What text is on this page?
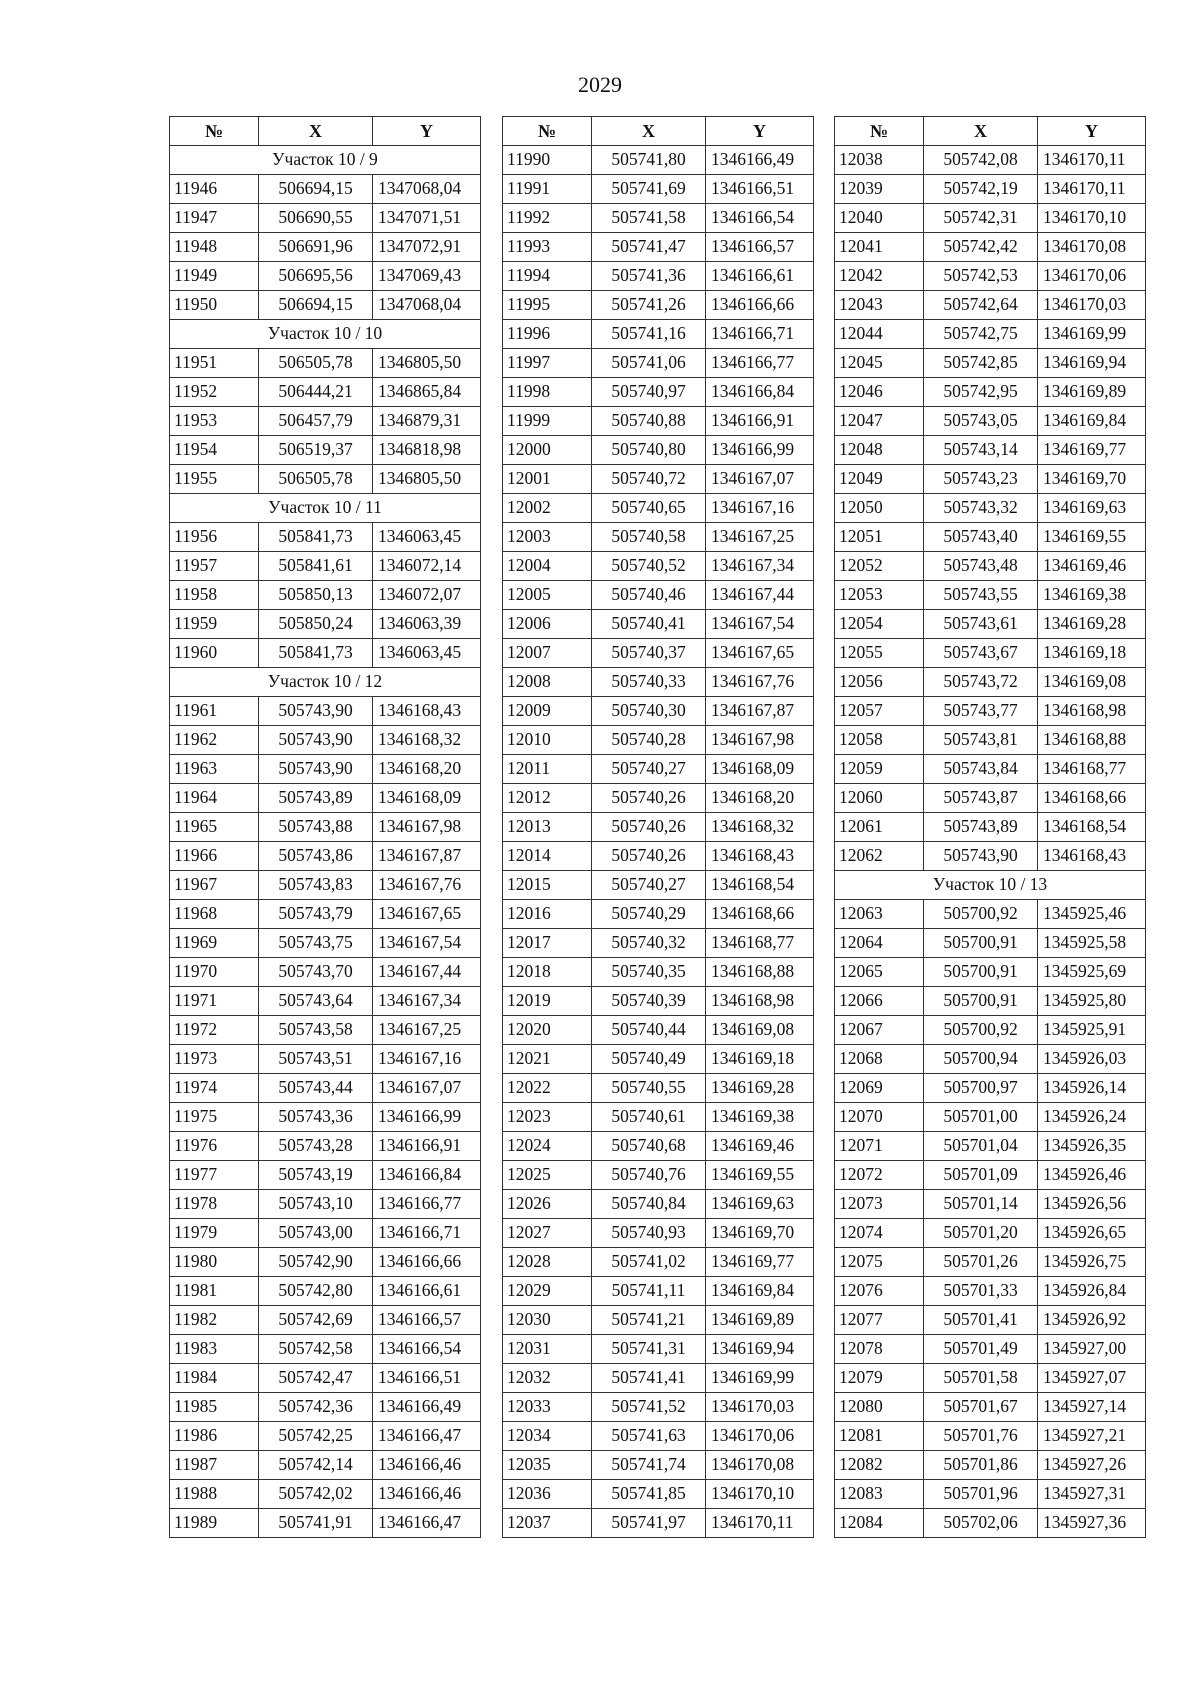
2029
№	X	Y
Участок 10 / 9		
11946	506694,15	1347068,04
11947	506690,55	1347071,51
11948	506691,96	1347072,91
11949	506695,56	1347069,43
11950	506694,15	1347068,04
Участок 10 / 10		
11951	506505,78	1346805,50
11952	506444,21	1346865,84
11953	506457,79	1346879,31
11954	506519,37	1346818,98
11955	506505,78	1346805,50
Участок 10 / 11		
11956	505841,73	1346063,45
11957	505841,61	1346072,14
11958	505850,13	1346072,07
11959	505850,24	1346063,39
11960	505841,73	1346063,45
Участок 10 / 12		
11961	505743,90	1346168,43
11962	505743,90	1346168,32
11963	505743,90	1346168,20
11964	505743,89	1346168,09
11965	505743,88	1346167,98
11966	505743,86	1346167,87
11967	505743,83	1346167,76
11968	505743,79	1346167,65
11969	505743,75	1346167,54
11970	505743,70	1346167,44
11971	505743,64	1346167,34
11972	505743,58	1346167,25
11973	505743,51	1346167,16
11974	505743,44	1346167,07
11975	505743,36	1346166,99
11976	505743,28	1346166,91
11977	505743,19	1346166,84
11978	505743,10	1346166,77
11979	505743,00	1346166,71
11980	505742,90	1346166,66
11981	505742,80	1346166,61
11982	505742,69	1346166,57
11983	505742,58	1346166,54
11984	505742,47	1346166,51
11985	505742,36	1346166,49
11986	505742,25	1346166,47
11987	505742,14	1346166,46
11988	505742,02	1346166,46
11989	505741,91	1346166,47
№	X	Y
11990	505741,80	1346166,49
11991	505741,69	1346166,51
11992	505741,58	1346166,54
11993	505741,47	1346166,57
11994	505741,36	1346166,61
11995	505741,26	1346166,66
11996	505741,16	1346166,71
11997	505741,06	1346166,77
11998	505740,97	1346166,84
11999	505740,88	1346166,91
12000	505740,80	1346166,99
12001	505740,72	1346167,07
12002	505740,65	1346167,16
12003	505740,58	1346167,25
12004	505740,52	1346167,34
12005	505740,46	1346167,44
12006	505740,41	1346167,54
12007	505740,37	1346167,65
12008	505740,33	1346167,76
12009	505740,30	1346167,87
12010	505740,28	1346167,98
12011	505740,27	1346168,09
12012	505740,26	1346168,20
12013	505740,26	1346168,32
12014	505740,26	1346168,43
12015	505740,27	1346168,54
12016	505740,29	1346168,66
12017	505740,32	1346168,77
12018	505740,35	1346168,88
12019	505740,39	1346168,98
12020	505740,44	1346169,08
12021	505740,49	1346169,18
12022	505740,55	1346169,28
12023	505740,61	1346169,38
12024	505740,68	1346169,46
12025	505740,76	1346169,55
12026	505740,84	1346169,63
12027	505740,93	1346169,70
12028	505741,02	1346169,77
12029	505741,11	1346169,84
12030	505741,21	1346169,89
12031	505741,31	1346169,94
12032	505741,41	1346169,99
12033	505741,52	1346170,03
12034	505741,63	1346170,06
12035	505741,74	1346170,08
12036	505741,85	1346170,10
12037	505741,97	1346170,11
№	X	Y
12038	505742,08	1346170,11
12039	505742,19	1346170,11
12040	505742,31	1346170,10
12041	505742,42	1346170,08
12042	505742,53	1346170,06
12043	505742,64	1346170,03
12044	505742,75	1346169,99
12045	505742,85	1346169,94
12046	505742,95	1346169,89
12047	505743,05	1346169,84
12048	505743,14	1346169,77
12049	505743,23	1346169,70
12050	505743,32	1346169,63
12051	505743,40	1346169,55
12052	505743,48	1346169,46
12053	505743,55	1346169,38
12054	505743,61	1346169,28
12055	505743,67	1346169,18
12056	505743,72	1346169,08
12057	505743,77	1346168,98
12058	505743,81	1346168,88
12059	505743,84	1346168,77
12060	505743,87	1346168,66
12061	505743,89	1346168,54
12062	505743,90	1346168,43
Участок 10 / 13		
12063	505700,92	1345925,46
12064	505700,91	1345925,58
12065	505700,91	1345925,69
12066	505700,91	1345925,80
12067	505700,92	1345925,91
12068	505700,94	1345926,03
12069	505700,97	1345926,14
12070	505701,00	1345926,24
12071	505701,04	1345926,35
12072	505701,09	1345926,46
12073	505701,14	1345926,56
12074	505701,20	1345926,65
12075	505701,26	1345926,75
12076	505701,33	1345926,84
12077	505701,41	1345926,92
12078	505701,49	1345927,00
12079	505701,58	1345927,07
12080	505701,67	1345927,14
12081	505701,76	1345927,21
12082	505701,86	1345927,26
12083	505701,96	1345927,31
12084	505702,06	1345927,36
